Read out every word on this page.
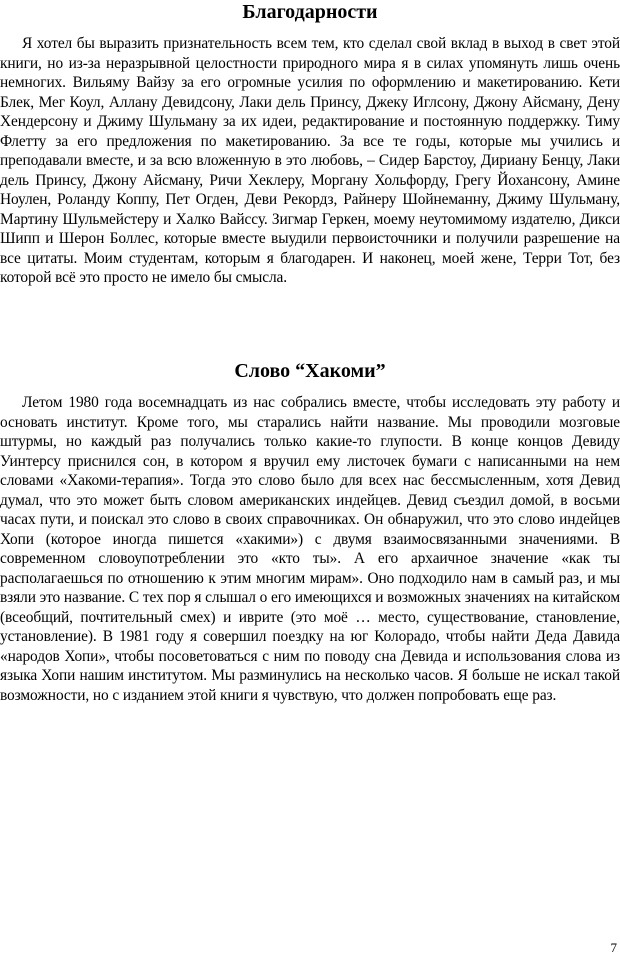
Благодарности

Я хотел бы выразить признательность всем тем, кто сделал свой вклад в выход в свет этой книги, но из-за неразрывной целостности природного мира я в силах упомянуть лишь очень немногих. Вильяму Вайзу за его огромные усилия по оформлению и макетированию. Кети Блек, Мег Коул, Аллану Девидсону, Лаки дель Принсу, Джеку Иглсону, Джону Айсману, Дену Хендерсону и Джиму Шульману за их идеи, редактирование и постоянную поддержку. Тиму Флетту за его предложения по макетированию. За все те годы, которые мы учились и преподавали вместе, и за всю вложенную в это любовь, – Сидер Барстоу, Дириану Бенцу, Лаки дель Принсу, Джону Айсману, Ричи Хеклеру, Моргану Хольфорду, Грегу Йохансону, Амине Ноулен, Роланду Коппу, Пет Огден, Деви Рекордз, Райнеру Шойнеманну, Джиму Шульману, Мартину Шульмейстеру и Халко Вайссу. Зигмар Геркен, моему неутомимому издателю, Дикси Шипп и Шерон Боллес, которые вместе выудили первоисточники и получили разрешение на все цитаты. Моим студентам, которым я благодарен. И наконец, моей жене, Терри Тот, без которой всё это просто не имело бы смысла.

Слово “Хакоми”

Летом 1980 года восемнадцать из нас собрались вместе, чтобы исследовать эту работу и основать институт. Кроме того, мы старались найти название. Мы проводили мозговые штурмы, но каждый раз получались только какие-то глупости. В конце концов Девиду Уинтерсу приснился сон, в котором я вручил ему листочек бумаги с написанными на нем словами «Хакоми-терапия». Тогда это слово было для всех нас бессмысленным, хотя Девид думал, что это может быть словом американских индейцев. Девид съездил домой, в восьми часах пути, и поискал это слово в своих справочниках. Он обнаружил, что это слово индейцев Хопи (которое иногда пишется «хакими») с двумя взаимосвязанными значениями. В современном словоупотреблении это «кто ты». А его архаичное значение «как ты располагаешься по отношению к этим многим мирам». Оно подходило нам в самый раз, и мы взяли это название. С тех пор я слышал о его имеющихся и возможных значениях на китайском (всеобщий, почтительный смех) и иврите (это моё … место, существование, становление, установление). В 1981 году я совершил поездку на юг Колорадо, чтобы найти Деда Давида «народов Хопи», чтобы посоветоваться с ним по поводу сна Девида и использования слова из языка Хопи нашим институтом. Мы разминулись на несколько часов. Я больше не искал такой возможности, но с изданием этой книги я чувствую, что должен попробовать еще раз.

7
